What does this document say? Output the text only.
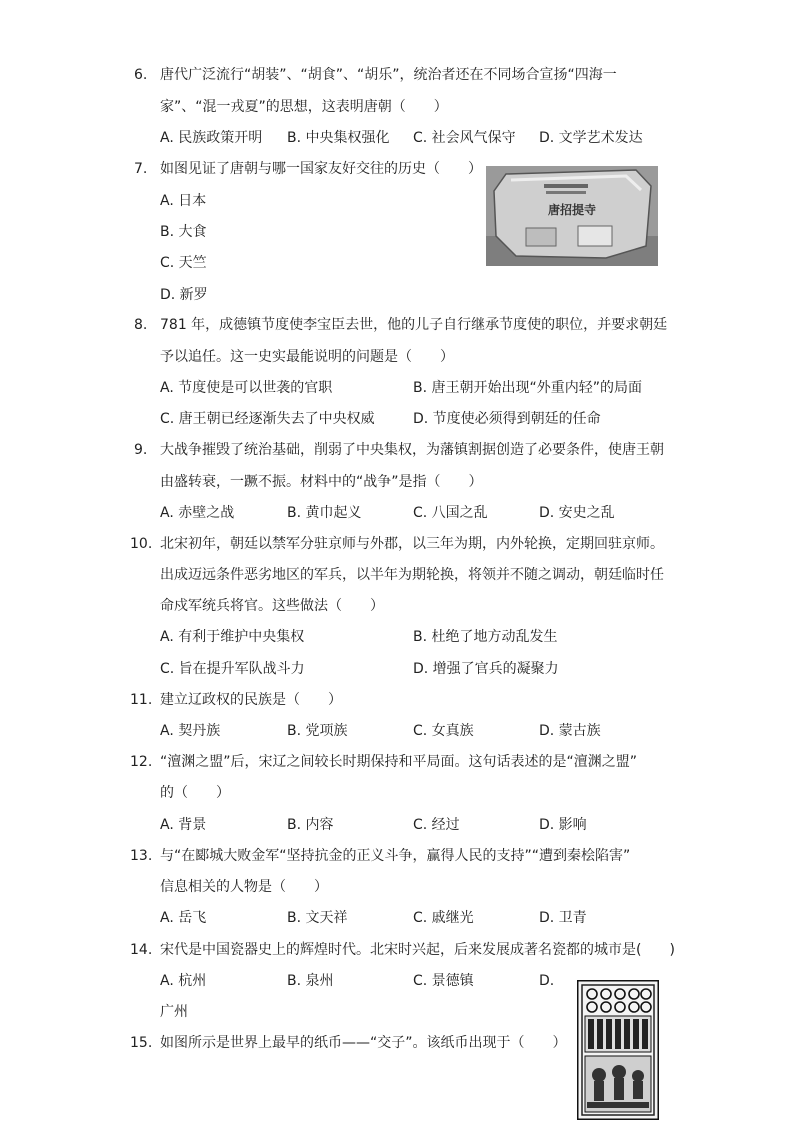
6. 唐代广泛流行“胡装”、“胡食”、“胡乐”，统治者还在不同场合宣扬“四海一
家”、“混一戎夏”的思想，这表明唐朝（　　）
A. 民族政策开明 B. 中央集权强化 C. 社会风气保守 D. 文学艺术发达
7. 如图见证了唐朝与哪一国家友好交往的历史（　　）
A. 日本
B. 大食
C. 天竺
D. 新罗
唐招提寺
8. 781 年，成德镇节度使李宝臣去世，他的儿子自行继承节度使的职位，并要求朝廷
予以追任。这一史实最能说明的问题是（　　）
A. 节度使是可以世袭的官职	B. 唐王朝开始出现“外重内轻”的局面
C. 唐王朝已经逐渐失去了中央权威	D. 节度使必须得到朝廷的任命
9. 大战争摧毁了统治基础，削弱了中央集权，为藩镇割据创造了必要条件，使唐王朝
由盛转衰，一蹶不振。材料中的“战争”是指（　　）
A. 赤壁之战	B. 黄巾起义	C. 八国之乱	D. 安史之乱
10. 北宋初年，朝廷以禁军分驻京师与外郡，以三年为期，内外轮换，定期回驻京师。
出成迈远条件恶劣地区的军兵，以半年为期轮换，将领并不随之调动，朝廷临时任
命戍军统兵将官。这些做法（　　）
A. 有利于维护中央集权	B. 杜绝了地方动乱发生
C. 旨在提升军队战斗力	D. 增强了官兵的凝聚力
11. 建立辽政权的民族是（　　）
A. 契丹族	B. 党项族	C. 女真族	D. 蒙古族
12. “澶渊之盟”后，宋辽之间较长时期保持和平局面。这句话表述的是“澶渊之盟”
的（　　）
A. 背景	B. 内容	C. 经过	D. 影响
13. 与“在郾城大败金军“坚持抗金的正义斗争，赢得人民的支持”“遭到秦桧陷害”
信息相关的人物是（　　）
A. 岳飞	B. 文天祥	C. 戚继光	D. 卫青
14. 宋代是中国瓷器史上的辉煌时代。北宋时兴起，后来发展成著名瓷都的城市是(　　)
A. 杭州	B. 泉州	C. 景德镇	D.
广州
15. 如图所示是世界上最早的纸币——“交子”。该纸币出现于（　　）
